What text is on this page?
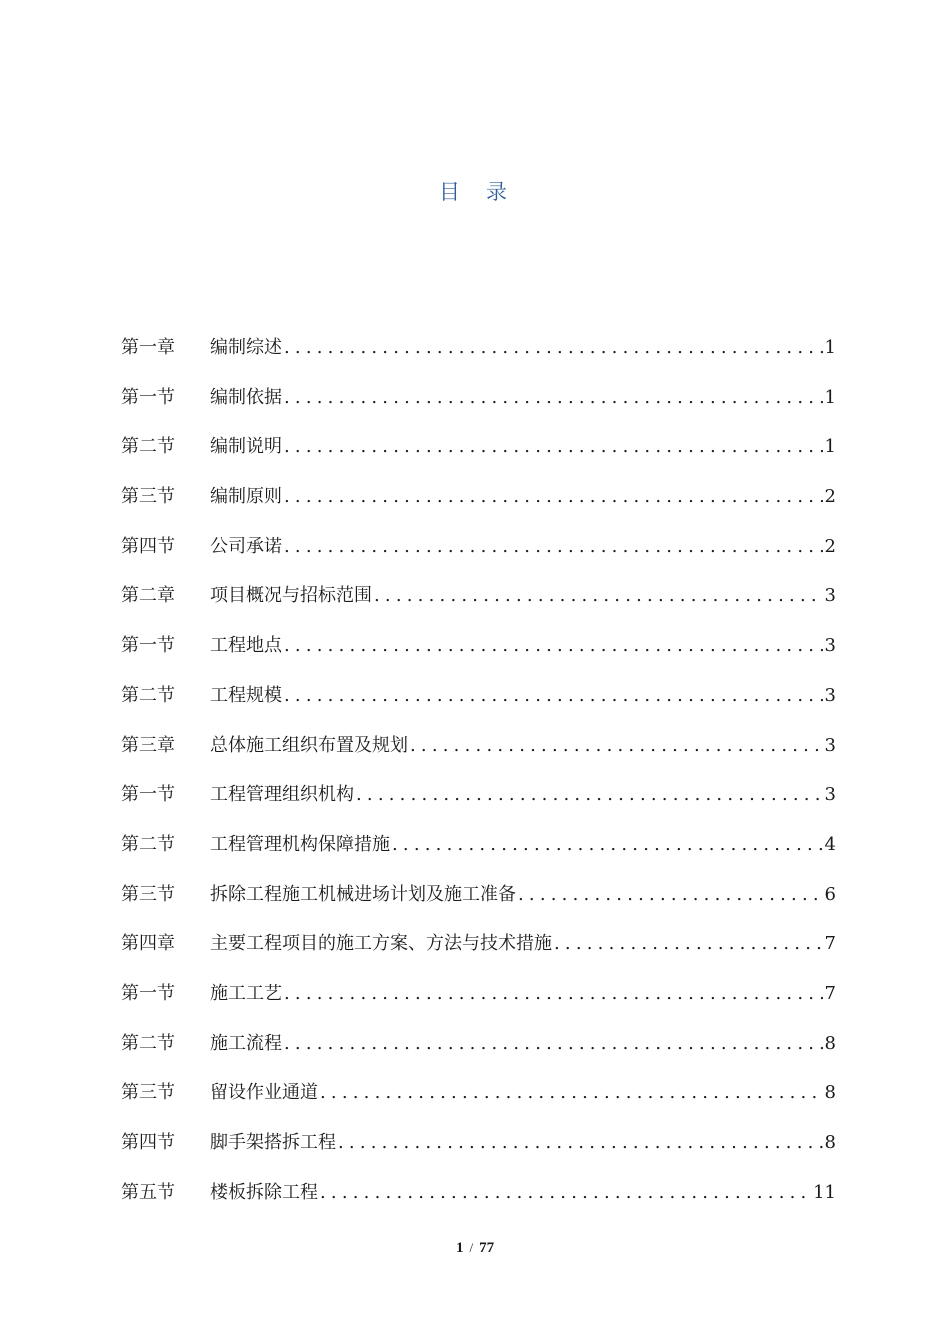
目 录
第一章	编制综述 .....	1
第一节	编制依据 .....	1
第二节	编制说明 .....	1
第三节	编制原则 .....	2
第四节	公司承诺 .....	2
第二章	项目概况与招标范围 .....	3
第一节	工程地点 .....	3
第二节	工程规模 .....	3
第三章	总体施工组织布置及规划 .....	3
第一节	工程管理组织机构 .....	3
第二节	工程管理机构保障措施 .....	4
第三节	拆除工程施工机械进场计划及施工准备 .....	6
第四章	主要工程项目的施工方案、方法与技术措施 .....	7
第一节	施工工艺 .....	7
第二节	施工流程 .....	8
第三节	留设作业通道 .....	8
第四节	脚手架搭拆工程 .....	8
第五节	楼板拆除工程 .....	11
1 / 77
